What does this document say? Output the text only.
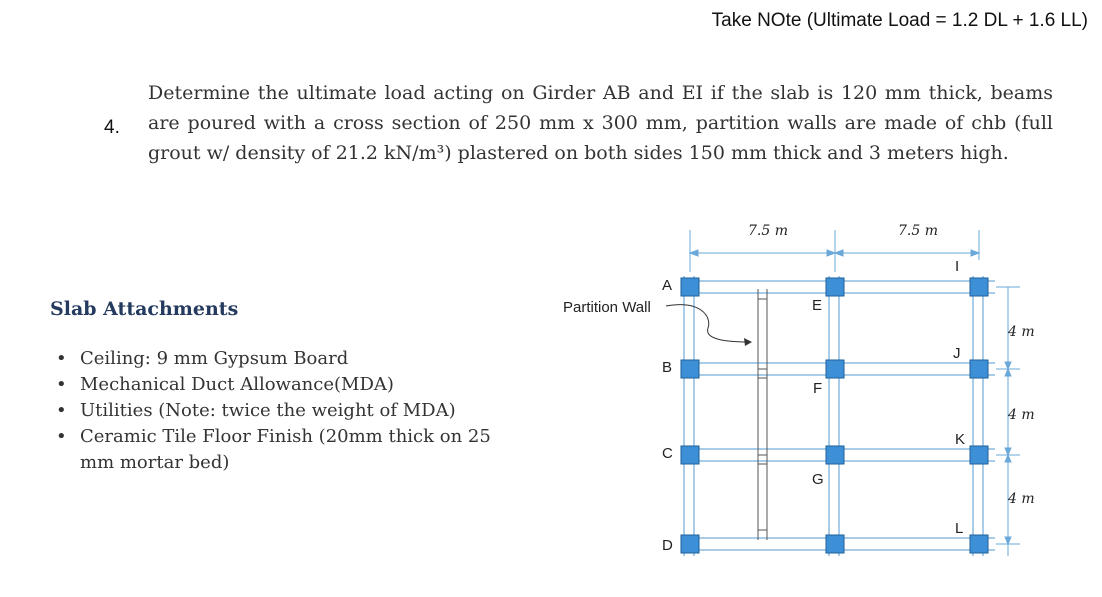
Take NOte (Ultimate Load = 1.2 DL + 1.6 LL)
4.

Determine the ultimate load acting on Girder AB and EI if the slab is 120 mm thick, beams are poured with a cross section of 250 mm x 300 mm, partition walls are made of chb (full grout w/ density of 21.2 kN/m³) plastered on both sides 150 mm thick and 3 meters high.

Slab Attachments
• Ceiling: 9 mm Gypsum Board
• Mechanical Duct Allowance(MDA)
• Utilities (Note: twice the weight of MDA)
• Ceramic Tile Floor Finish (20mm thick on 25 mm mortar bed)
7.5 m	7.5 m
4 m
4 m
4 m
Partition Wall
A
B
C
D
E
F
G
I
J
K
L
